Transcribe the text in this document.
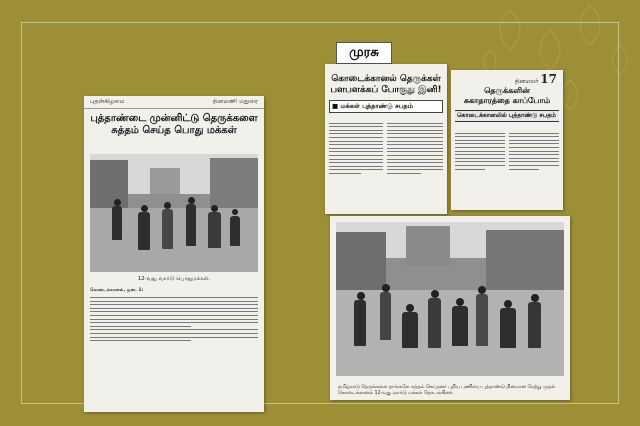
புதன்கிழமை	தினமணி மதுரை
புத்தாண்டை முன்னிட்டு தெருக்களை
சுத்தம் செய்த பொது மக்கள்
12-வது வார்டு பொதுமக்கள்.
கொடைக்கானல், ஜன. 1:
முரசு
கொடைக்கானல் தெருக்கள்
பளபளக்கப் போகுது இனி!
■ மக்கள் புத்தாண்டு சபதம்
தினமலர் 17
தெருக்களின்
சுகாதாரத்தை காப்போம்
கொடைக்கானலில் புத்தாண்டு சபதம்
தமிழ்நாடு தெருக்களை தாங்களே சுத்தம் செய்தனர் புதிய பணியை புத்தாண்டு தினமான நேற்று முதல் கொடைக்கானல் 12-வது வார்டு மக்கள் தொடங்கினர்.
